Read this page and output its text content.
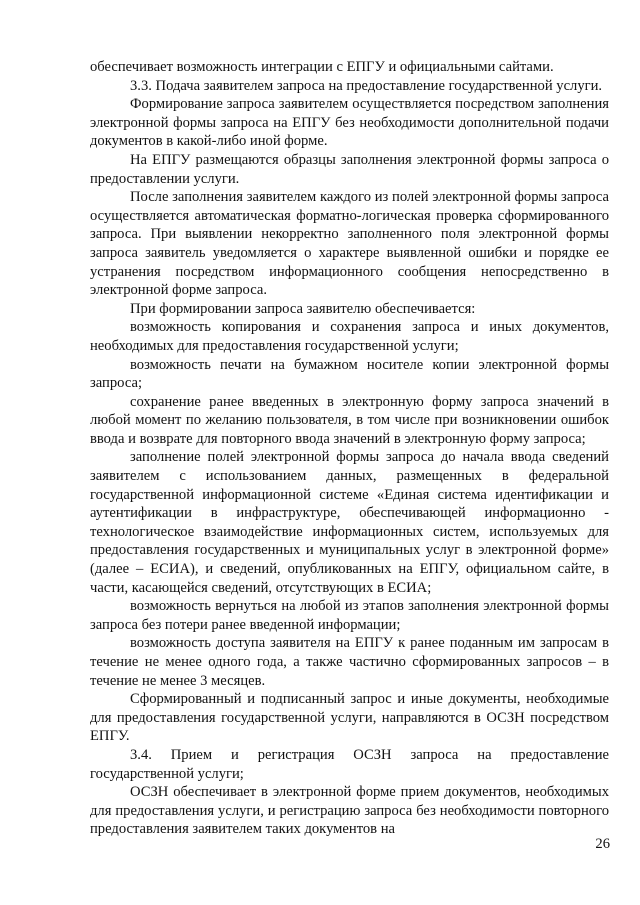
обеспечивает возможность интеграции с ЕПГУ и официальными сайтами.

3.3. Подача заявителем запроса на предоставление государственной услуги.

Формирование запроса заявителем осуществляется посредством заполнения электронной формы запроса на ЕПГУ без необходимости дополнительной подачи документов в какой-либо иной форме.

На ЕПГУ размещаются образцы заполнения электронной формы запроса о предоставлении услуги.

После заполнения заявителем каждого из полей электронной формы запроса осуществляется автоматическая форматно-логическая проверка сформированного запроса. При выявлении некорректно заполненного поля электронной формы запроса заявитель уведомляется о характере выявленной ошибки и порядке ее устранения посредством информационного сообщения непосредственно в электронной форме запроса.

При формировании запроса заявителю обеспечивается:

возможность копирования и сохранения запроса и иных документов, необходимых для предоставления государственной услуги;

возможность печати на бумажном носителе копии электронной формы запроса;

сохранение ранее введенных в электронную форму запроса значений в любой момент по желанию пользователя, в том числе при возникновении ошибок ввода и возврате для повторного ввода значений в электронную форму запроса;

заполнение полей электронной формы запроса до начала ввода сведений заявителем с использованием данных, размещенных в федеральной государственной информационной системе «Единая система идентификации и аутентификации в инфраструктуре, обеспечивающей информационно - технологическое взаимодействие информационных систем, используемых для предоставления государственных и муниципальных услуг в электронной форме» (далее – ЕСИА), и сведений, опубликованных на ЕПГУ, официальном сайте, в части, касающейся сведений, отсутствующих в ЕСИА;

возможность вернуться на любой из этапов заполнения электронной формы запроса без потери ранее введенной информации;

возможность доступа заявителя на ЕПГУ к ранее поданным им запросам в течение не менее одного года, а также частично сформированных запросов – в течение не менее 3 месяцев.

Сформированный и подписанный запрос и иные документы, необходимые для предоставления государственной услуги, направляются в ОСЗН посредством ЕПГУ.

3.4. Прием и регистрация ОСЗН запроса на предоставление государственной услуги;

ОСЗН обеспечивает в электронной форме прием документов, необходимых для предоставления услуги, и регистрацию запроса без необходимости повторного предоставления заявителем таких документов на

26
